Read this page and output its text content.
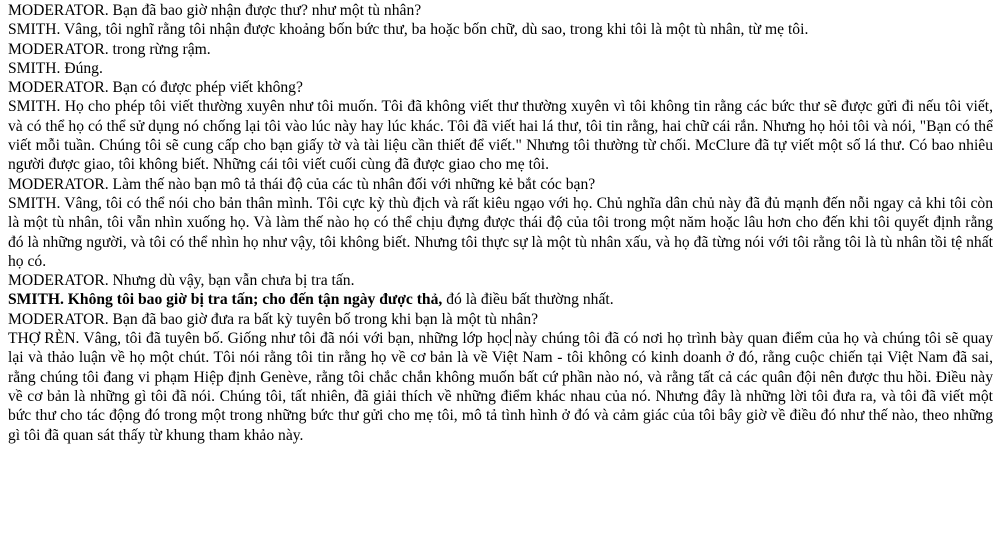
MODERATOR. Bạn đã bao giờ nhận được thư? như một tù nhân?

SMITH. Vâng, tôi nghĩ rằng tôi nhận được khoảng bốn bức thư, ba hoặc bốn chữ, dù sao, trong khi tôi là một tù nhân, từ mẹ tôi.

MODERATOR. trong rừng rậm.

SMITH. Đúng.

MODERATOR. Bạn có được phép viết không?

SMITH. Họ cho phép tôi viết thường xuyên như tôi muốn. Tôi đã không viết thư thường xuyên vì tôi không tin rằng các bức thư sẽ được gửi đi nếu tôi viết, và có thể họ có thể sử dụng nó chống lại tôi vào lúc này hay lúc khác. Tôi đã viết hai lá thư, tôi tin rằng, hai chữ cái rắn. Nhưng họ hỏi tôi và nói, "Bạn có thể viết mỗi tuần. Chúng tôi sẽ cung cấp cho bạn giấy tờ và tài liệu cần thiết để viết." Nhưng tôi thường từ chối. McClure đã tự viết một số lá thư. Có bao nhiêu người được giao, tôi không biết. Những cái tôi viết cuối cùng đã được giao cho mẹ tôi.

MODERATOR. Làm thế nào bạn mô tả thái độ của các tù nhân đối với những kẻ bắt cóc bạn?

SMITH. Vâng, tôi có thể nói cho bản thân mình. Tôi cực kỳ thù địch và rất kiêu ngạo với họ. Chủ nghĩa dân chủ này đã đủ mạnh đến nỗi ngay cả khi tôi còn là một tù nhân, tôi vẫn nhìn xuống họ. Và làm thế nào họ có thể chịu đựng được thái độ của tôi trong một năm hoặc lâu hơn cho đến khi tôi quyết định rằng đó là những người, và tôi có thể nhìn họ như vậy, tôi không biết. Nhưng tôi thực sự là một tù nhân xấu, và họ đã từng nói với tôi rằng tôi là tù nhân tồi tệ nhất họ có.

MODERATOR. Nhưng dù vậy, bạn vẫn chưa bị tra tấn.

SMITH. Không tôi bao giờ bị tra tấn; cho đến tận ngày được thả, đó là điều bất thường nhất.

MODERATOR. Bạn đã bao giờ đưa ra bất kỳ tuyên bố trong khi bạn là một tù nhân?

THỢ RÈN. Vâng, tôi đã tuyên bố. Giống như tôi đã nói với bạn, những lớp học này chúng tôi đã có nơi họ trình bày quan điểm của họ và chúng tôi sẽ quay lại và thảo luận về họ một chút. Tôi nói rằng tôi tin rằng họ về cơ bản là về Việt Nam - tôi không có kinh doanh ở đó, rằng cuộc chiến tại Việt Nam đã sai, rằng chúng tôi đang vi phạm Hiệp định Genève, rằng tôi chắc chắn không muốn bất cứ phần nào nó, và rằng tất cả các quân đội nên được thu hồi. Điều này về cơ bản là những gì tôi đã nói. Chúng tôi, tất nhiên, đã giải thích về những điểm khác nhau của nó. Nhưng đây là những lời tôi đưa ra, và tôi đã viết một bức thư cho tác động đó trong một trong những bức thư gửi cho mẹ tôi, mô tả tình hình ở đó và cảm giác của tôi bây giờ về điều đó như thế nào, theo những gì tôi đã quan sát thấy từ khung tham khảo này.
